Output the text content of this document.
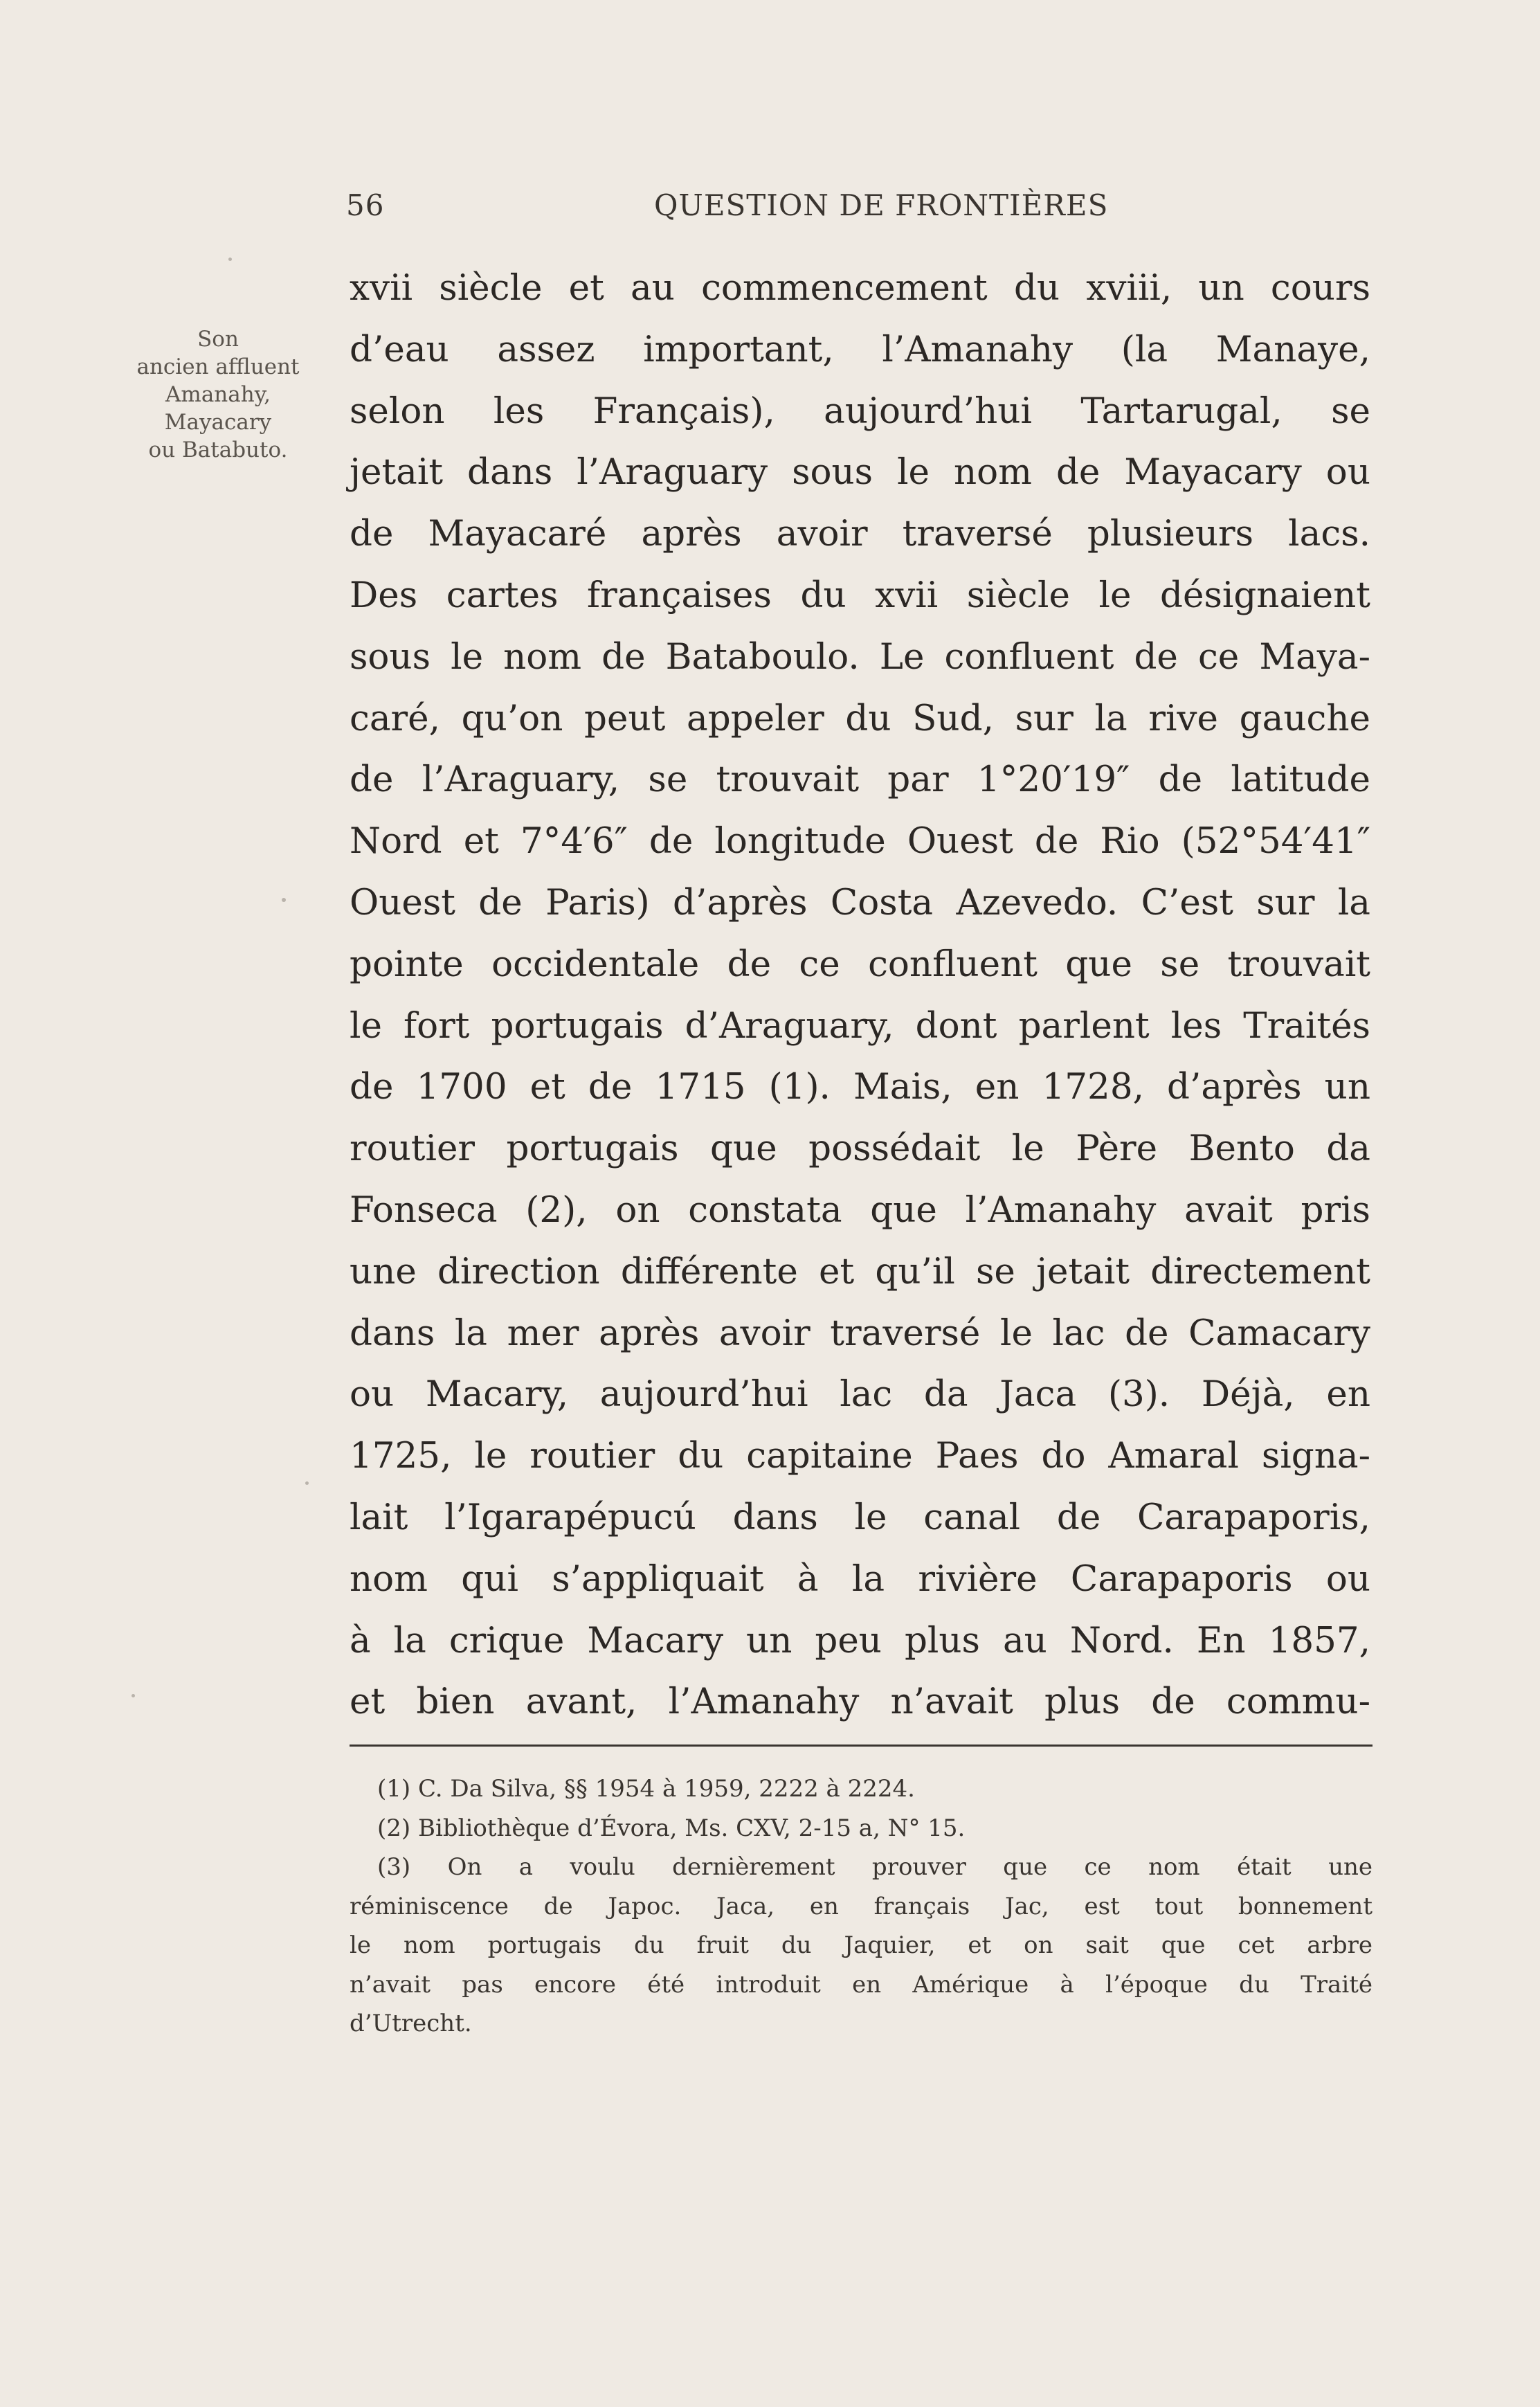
56	QUESTION DE FRONTIÈRES
Son
ancien affluent
Amanahy,
Mayacary
ou Batabuto.
xvii siècle et au commencement du xviii, un cours
d’eau assez important, l’Amanahy (la Manaye,
selon les Français), aujourd’hui Tartarugal, se
jetait dans l’Araguary sous le nom de Mayacary ou
de Mayacaré après avoir traversé plusieurs lacs.
Des cartes françaises du xvii siècle le désignaient
sous le nom de Bataboulo. Le confluent de ce Maya-
caré, qu’on peut appeler du Sud, sur la rive gauche
de l’Araguary, se trouvait par 1°20′19″ de latitude
Nord et 7°4′6″ de longitude Ouest de Rio (52°54′41″
Ouest de Paris) d’après Costa Azevedo. C’est sur la
pointe occidentale de ce confluent que se trouvait
le fort portugais d’Araguary, dont parlent les Traités
de 1700 et de 1715 (1). Mais, en 1728, d’après un
routier portugais que possédait le Père Bento da
Fonseca (2), on constata que l’Amanahy avait pris
une direction différente et qu’il se jetait directement
dans la mer après avoir traversé le lac de Camacary
ou Macary, aujourd’hui lac da Jaca (3). Déjà, en
1725, le routier du capitaine Paes do Amaral signa-
lait l’Igarapépucú dans le canal de Carapaporis,
nom qui s’appliquait à la rivière Carapaporis ou
à la crique Macary un peu plus au Nord. En 1857,
et bien avant, l’Amanahy n’avait plus de commu-
(1) C. Da Silva, §§ 1954 à 1959, 2222 à 2224.
(2) Bibliothèque d’Évora, Ms. CXV, 2-15 a, N° 15.
(3) On a voulu dernièrement prouver que ce nom était une
réminiscence de Japoc. Jaca, en français Jac, est tout bonnement
le nom portugais du fruit du Jaquier, et on sait que cet arbre
n’avait pas encore été introduit en Amérique à l’époque du Traité
d’Utrecht.
